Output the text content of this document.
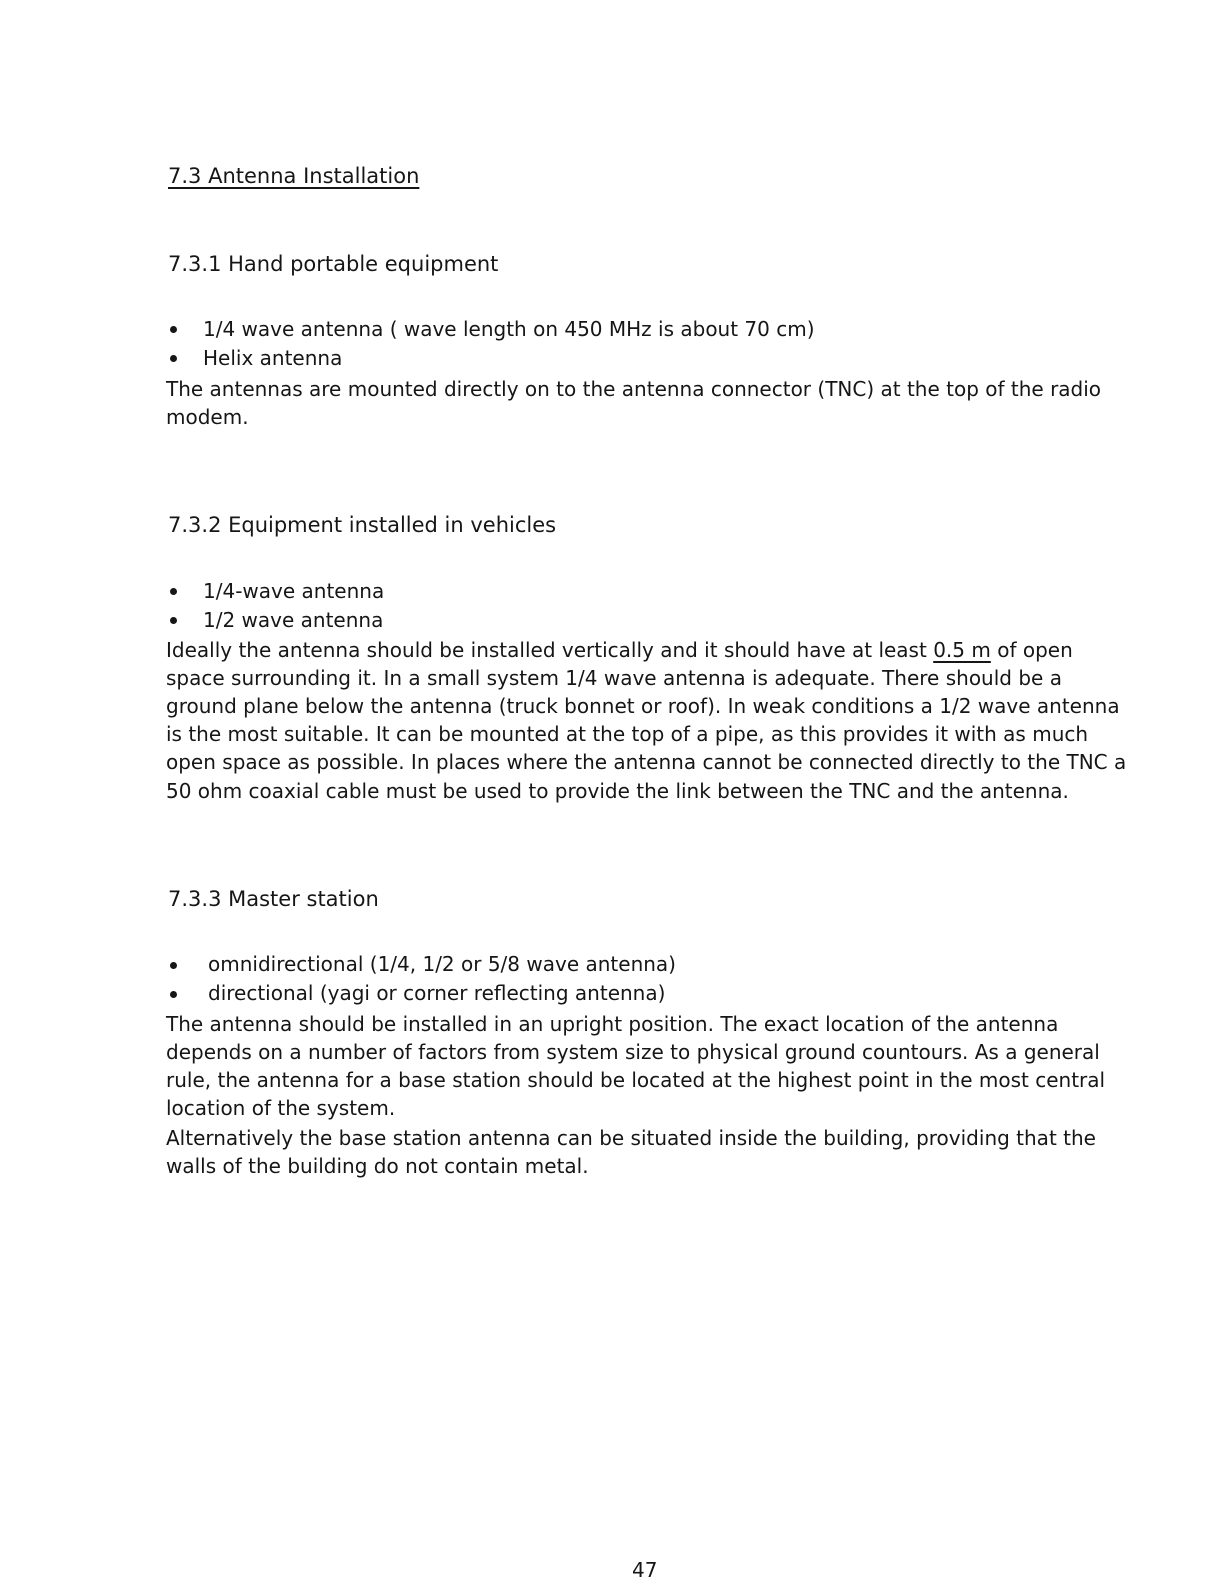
7.3 Antenna Installation
7.3.1 Hand portable equipment
1/4 wave antenna ( wave length on 450 MHz is about 70 cm)
Helix antenna
The antennas are mounted directly on to the antenna connector (TNC) at the top of the radio
modem.
7.3.2 Equipment installed in vehicles
1/4-wave antenna
1/2 wave antenna
Ideally the antenna should be installed vertically and it should have at least 0.5 m of open
space surrounding it. In a small system 1/4 wave antenna is adequate. There should be a
ground plane below the antenna (truck bonnet or roof). In weak conditions a 1/2 wave antenna
is the most suitable. It can be mounted at the top of a pipe, as this provides it with as much
open space as possible. In places where the antenna cannot be connected directly to the TNC a
50 ohm coaxial cable must be used to provide the link between the TNC and the antenna.
7.3.3 Master station
omnidirectional (1/4, 1/2 or 5/8 wave antenna)
directional (yagi or corner reflecting antenna)
The antenna should be installed in an upright position. The exact location of the antenna
depends on a number of factors from system size to physical ground countours. As a general
rule, the antenna for a base station should be located at the highest point in the most central
location of the system.
Alternatively the base station antenna can be situated inside the building, providing that the
walls of the building do not contain metal.
47
